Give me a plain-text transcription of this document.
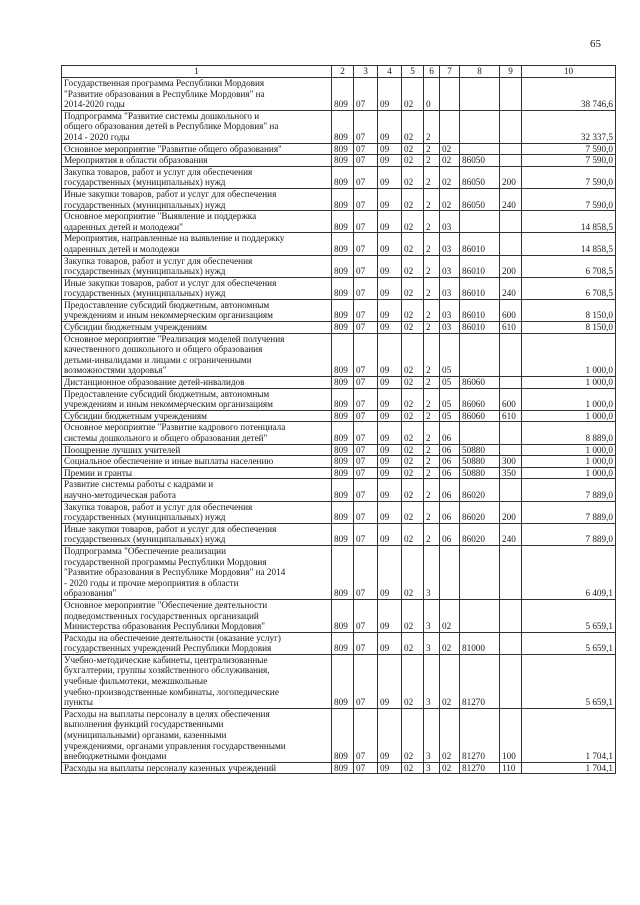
65
1	2	3	4	5	6	7	8	9	10
Государственная программа Республики Мордовия
"Развитие образования в Республике Мордовия" на
2014-2020 годы	809	07	09	02	0				38 746,6
Подпрограмма "Развитие системы дошкольного и
общего образования детей в Республике Мордовия" на
2014 - 2020 годы	809	07	09	02	2				32 337,5
Основное мероприятие "Развитие общего образования"	809	07	09	02	2	02			7 590,0
Мероприятия в области образования	809	07	09	02	2	02	86050		7 590,0
Закупка товаров, работ и услуг для обеспечения
государственных (муниципальных) нужд	809	07	09	02	2	02	86050	200	7 590,0
Иные закупки товаров, работ и услуг для обеспечения
государственных (муниципальных) нужд	809	07	09	02	2	02	86050	240	7 590,0
Основное мероприятие "Выявление и поддержка
одаренных детей и молодежи"	809	07	09	02	2	03			14 858,5
Мероприятия, направленные на выявление и поддержку
одаренных детей и молодежи	809	07	09	02	2	03	86010		14 858,5
Закупка товаров, работ и услуг для обеспечения
государственных (муниципальных) нужд	809	07	09	02	2	03	86010	200	6 708,5
Иные закупки товаров, работ и услуг для обеспечения
государственных (муниципальных) нужд	809	07	09	02	2	03	86010	240	6 708,5
Предоставление субсидий бюджетным, автономным
учреждениям и иным некоммерческим организациям	809	07	09	02	2	03	86010	600	8 150,0
Субсидии бюджетным учреждениям	809	07	09	02	2	03	86010	610	8 150,0
Основное мероприятие "Реализация моделей получения
качественного дошкольного и общего образования
детьми-инвалидами и лицами с ограниченными
возможностями здоровья"	809	07	09	02	2	05			1 000,0
Дистанционное образование детей-инвалидов	809	07	09	02	2	05	86060		1 000,0
Предоставление субсидий бюджетным, автономным
учреждениям и иным некоммерческим организациям	809	07	09	02	2	05	86060	600	1 000,0
Субсидии бюджетным учреждениям	809	07	09	02	2	05	86060	610	1 000,0
Основное мероприятие "Развитие кадрового потенциала
системы дошкольного и общего образования детей"	809	07	09	02	2	06			8 889,0
Поощрение лучших учителей	809	07	09	02	2	06	50880		1 000,0
Социальное обеспечение и иные выплаты населению	809	07	09	02	2	06	50880	300	1 000,0
Премии и гранты	809	07	09	02	2	06	50880	350	1 000,0
Развитие системы работы с кадрами и
научно-методическая работа	809	07	09	02	2	06	86020		7 889,0
Закупка товаров, работ и услуг для обеспечения
государственных (муниципальных) нужд	809	07	09	02	2	06	86020	200	7 889,0
Иные закупки товаров, работ и услуг для обеспечения
государственных (муниципальных) нужд	809	07	09	02	2	06	86020	240	7 889,0
Подпрограмма "Обеспечение реализации
государственной программы Республики Мордовия
"Развитие образования в Республике Мордовия" на 2014
- 2020 годы и прочие мероприятия в области
образования"	809	07	09	02	3				6 409,1
Основное мероприятие "Обеспечение деятельности
подведомственных государственных организаций
Министерства образования Республики Мордовия"	809	07	09	02	3	02			5 659,1
Расходы на обеспечение деятельности (оказание услуг)
государственных учреждений Республики Мордовия	809	07	09	02	3	02	81000		5 659,1
Учебно-методические кабинеты, централизованные
бухгалтерии, группы хозяйственного обслуживания,
учебные фильмотеки, межшкольные
учебно-производственные комбинаты, логопедические
пункты	809	07	09	02	3	02	81270		5 659,1
Расходы на выплаты персоналу в целях обеспечения
выполнения функций государственными
(муниципальными) органами, казенными
учреждениями, органами управления государственными
внебюджетными фондами	809	07	09	02	3	02	81270	100	1 704,1
Расходы на выплаты персоналу казенных учреждений	809	07	09	02	3	02	81270	110	1 704,1
